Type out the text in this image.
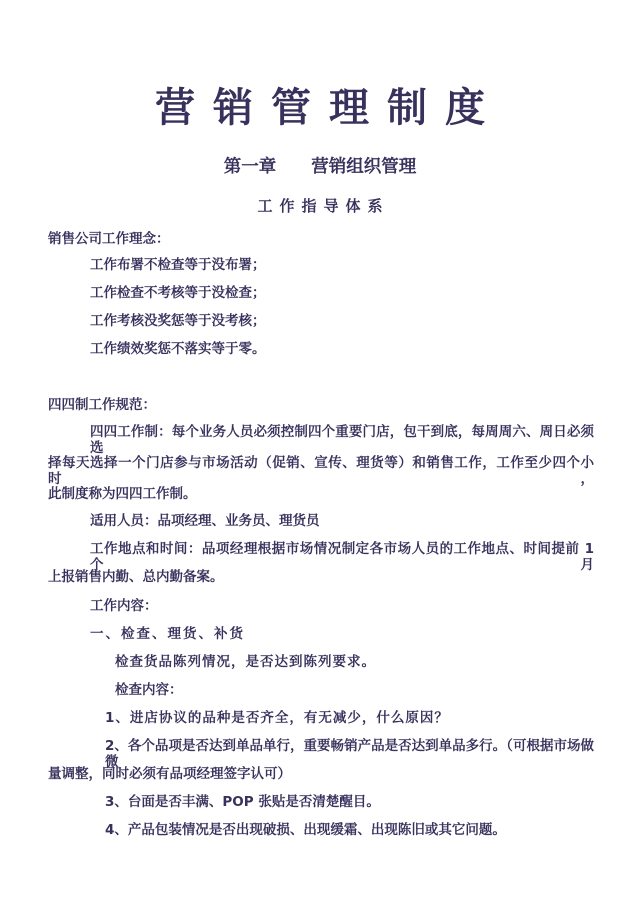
营销管理制度
第一章　　营销组织管理
工作指导体系
销售公司工作理念：
工作布署不检查等于没布署；
工作检查不考核等于没检查；
工作考核没奖惩等于没考核；
工作绩效奖惩不落实等于零。
四四制工作规范：
四四工作制：每个业务人员必须控制四个重要门店，包干到底，每周周六、周日必须选
择每天选择一个门店参与市场活动（促销、宣传、理货等）和销售工作，工作至少四个小时，
此制度称为四四工作制。
适用人员：品项经理、业务员、理货员
工作地点和时间：品项经理根据市场情况制定各市场人员的工作地点、时间提前 1 个月
上报销售内勤、总内勤备案。
工作内容：
一、检查、理货、补货
检查货品陈列情况，是否达到陈列要求。
检查内容：
1、进店协议的品种是否齐全，有无减少，什么原因？
2、各个品项是否达到单品单行，重要畅销产品是否达到单品多行。（可根据市场做微
量调整，同时必须有品项经理签字认可）
3、台面是否丰满、POP 张贴是否清楚醒目。
4、产品包装情况是否出现破损、出现缓霜、出现陈旧或其它问题。
